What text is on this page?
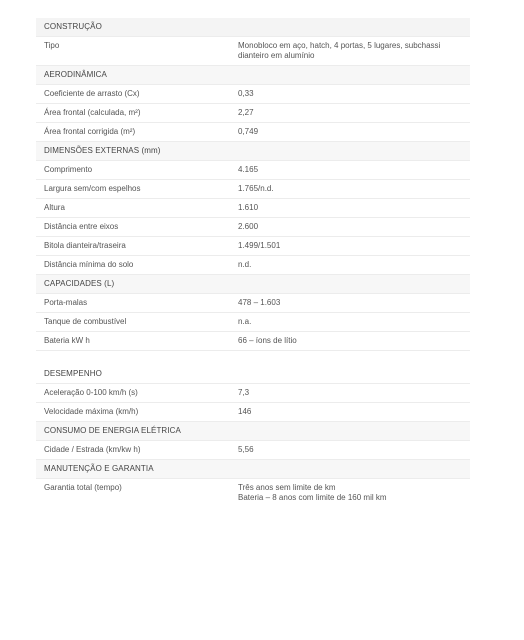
CONSTRUÇÃO
Tipo	Monobloco em aço, hatch, 4 portas, 5 lugares, subchassi dianteiro em alumínio
AERODINÂMICA
Coeficiente de arrasto (Cx)	0,33
Área frontal (calculada, m²)	2,27
Área frontal corrigida (m²)	0,749
DIMENSÕES EXTERNAS (mm)
Comprimento	4.165
Largura sem/com espelhos	1.765/n.d.
Altura	1.610
Distância entre eixos	2.600
Bitola dianteira/traseira	1.499/1.501
Distância mínima do solo	n.d.
CAPACIDADES (L)
Porta-malas	478 – 1.603
Tanque de combustível	n.a.
Bateria kW h	66 – íons de lítio
DESEMPENHO
Aceleração 0-100 km/h (s)	7,3
Velocidade máxima (km/h)	146
CONSUMO DE ENERGIA ELÉTRICA
Cidade / Estrada (km/kw h)	5,56
MANUTENÇÃO E GARANTIA
Garantia total (tempo)	Três anos sem limite de km
Bateria – 8 anos com limite de 160 mil km
